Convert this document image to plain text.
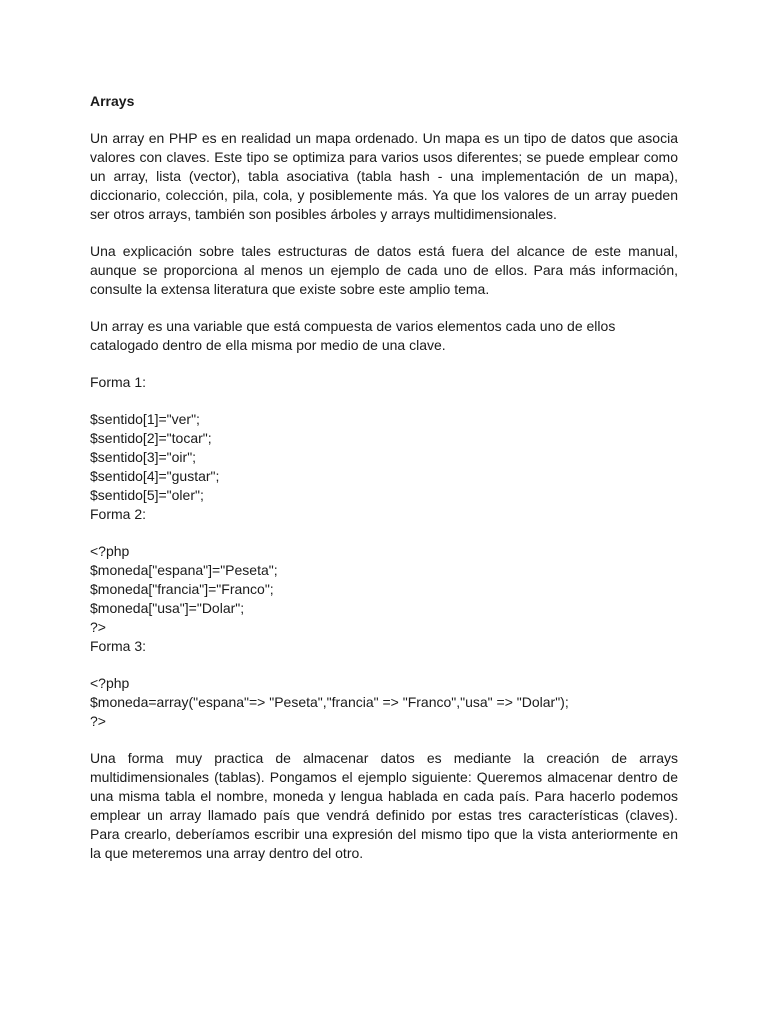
Arrays

Un array en PHP es en realidad un mapa ordenado. Un mapa es un tipo de datos que asocia valores con claves. Este tipo se optimiza para varios usos diferentes; se puede emplear como un array, lista (vector), tabla asociativa (tabla hash - una implementación de un mapa), diccionario, colección, pila, cola, y posiblemente más. Ya que los valores de un array pueden ser otros arrays, también son posibles árboles y arrays multidimensionales.

Una explicación sobre tales estructuras de datos está fuera del alcance de este manual, aunque se proporciona al menos un ejemplo de cada uno de ellos. Para más información, consulte la extensa literatura que existe sobre este amplio tema.

Un array es una variable que está compuesta de varios elementos cada uno de ellos catalogado dentro de ella misma por medio de una clave.

Forma 1:
$sentido[1]="ver";
$sentido[2]="tocar";
$sentido[3]="oir";
$sentido[4]="gustar";
$sentido[5]="oler";
Forma 2:
<?php
$moneda["espana"]="Peseta";
$moneda["francia"]="Franco";
$moneda["usa"]="Dolar";
?>
Forma 3:
<?php
$moneda=array("espana"=> "Peseta","francia" => "Franco","usa" => "Dolar");
?>

Una forma muy practica de almacenar datos es mediante la creación de arrays multidimensionales (tablas). Pongamos el ejemplo siguiente: Queremos almacenar dentro de una misma tabla el nombre, moneda y lengua hablada en cada país. Para hacerlo podemos emplear un array llamado país que vendrá definido por estas tres características (claves). Para crearlo, deberíamos escribir una expresión del mismo tipo que la vista anteriormente en la que meteremos una array dentro del otro.
